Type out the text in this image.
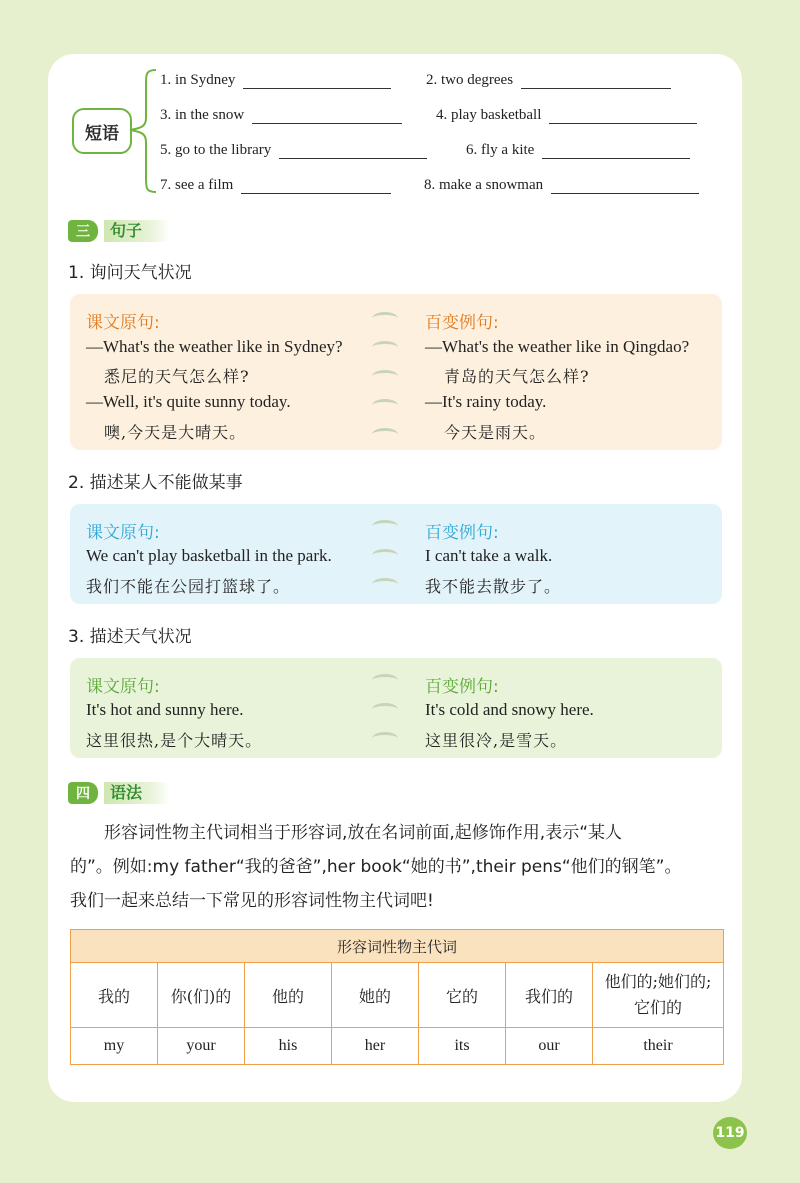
短语
1. in Sydney	2. two degrees
3. in the snow	4. play basketball
5. go to the library	6. fly a kite
7. see a film	8. make a snowman
三	句子
1. 询问天气状况
课文原句:
—What's the weather like in Sydney?
悉尼的天气怎么样?
—Well, it's quite sunny today.
噢,今天是大晴天。
百变例句:
—What's the weather like in Qingdao?
青岛的天气怎么样?
—It's rainy today.
今天是雨天。
2. 描述某人不能做某事
课文原句:
We can't play basketball in the park.
我们不能在公园打篮球了。
百变例句:
I can't take a walk.
我不能去散步了。
3. 描述天气状况
课文原句:
It's hot and sunny here.
这里很热,是个大晴天。
百变例句:
It's cold and snowy here.
这里很冷,是雪天。
四	语法
形容词性物主代词相当于形容词,放在名词前面,起修饰作用,表示“某人
的”。例如:my father“我的爸爸”,her book“她的书”,their pens“他们的钢笔”。
我们一起来总结一下常见的形容词性物主代词吧!
形容词性物主代词						
我的	你(们)的	他的	她的	它的	我们的	他们的;她们的;
它们的

my	your	his	her	its	our	their
119
